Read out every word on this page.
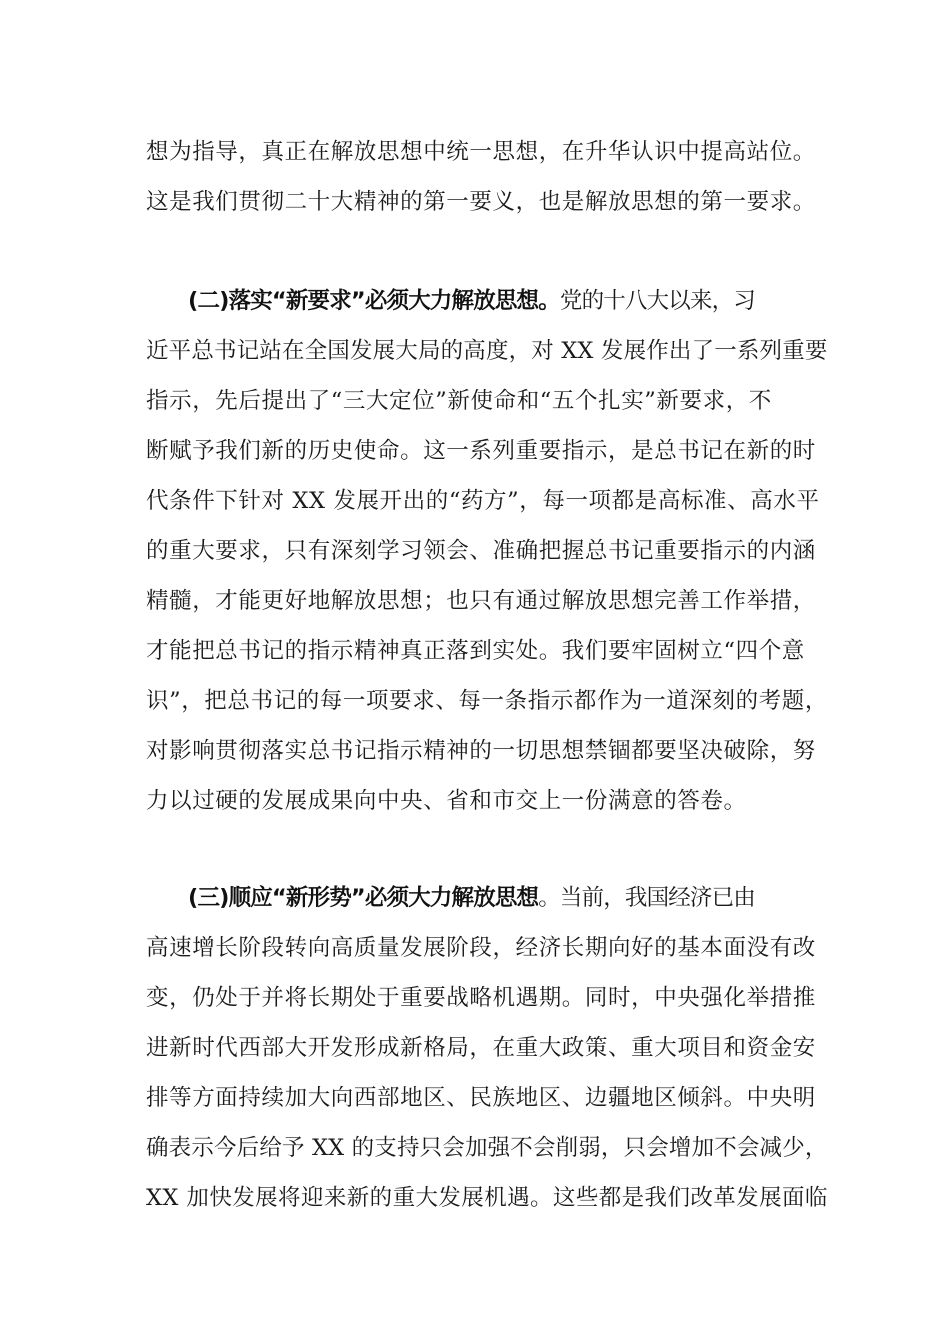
想为指导，真正在解放思想中统一思想，在升华认识中提高站位。
这是我们贯彻二十大精神的第一要义，也是解放思想的第一要求。
(二)落实“新要求”必须大力解放思想。党的十八大以来，习
近平总书记站在全国发展大局的高度，对 XX 发展作出了一系列重要
指示，先后提出了“三大定位”新使命和“五个扎实”新要求，不
断赋予我们新的历史使命。这一系列重要指示，是总书记在新的时
代条件下针对 XX 发展开出的“药方”，每一项都是高标准、高水平
的重大要求，只有深刻学习领会、准确把握总书记重要指示的内涵
精髓，才能更好地解放思想；也只有通过解放思想完善工作举措，
才能把总书记的指示精神真正落到实处。我们要牢固树立“四个意
识”，把总书记的每一项要求、每一条指示都作为一道深刻的考题，
对影响贯彻落实总书记指示精神的一切思想禁锢都要坚决破除，努
力以过硬的发展成果向中央、省和市交上一份满意的答卷。
(三)顺应“新形势”必须大力解放思想。当前，我国经济已由
高速增长阶段转向高质量发展阶段，经济长期向好的基本面没有改
变，仍处于并将长期处于重要战略机遇期。同时，中央强化举措推
进新时代西部大开发形成新格局，在重大政策、重大项目和资金安
排等方面持续加大向西部地区、民族地区、边疆地区倾斜。中央明
确表示今后给予 XX 的支持只会加强不会削弱，只会增加不会减少，
XX 加快发展将迎来新的重大发展机遇。这些都是我们改革发展面临
